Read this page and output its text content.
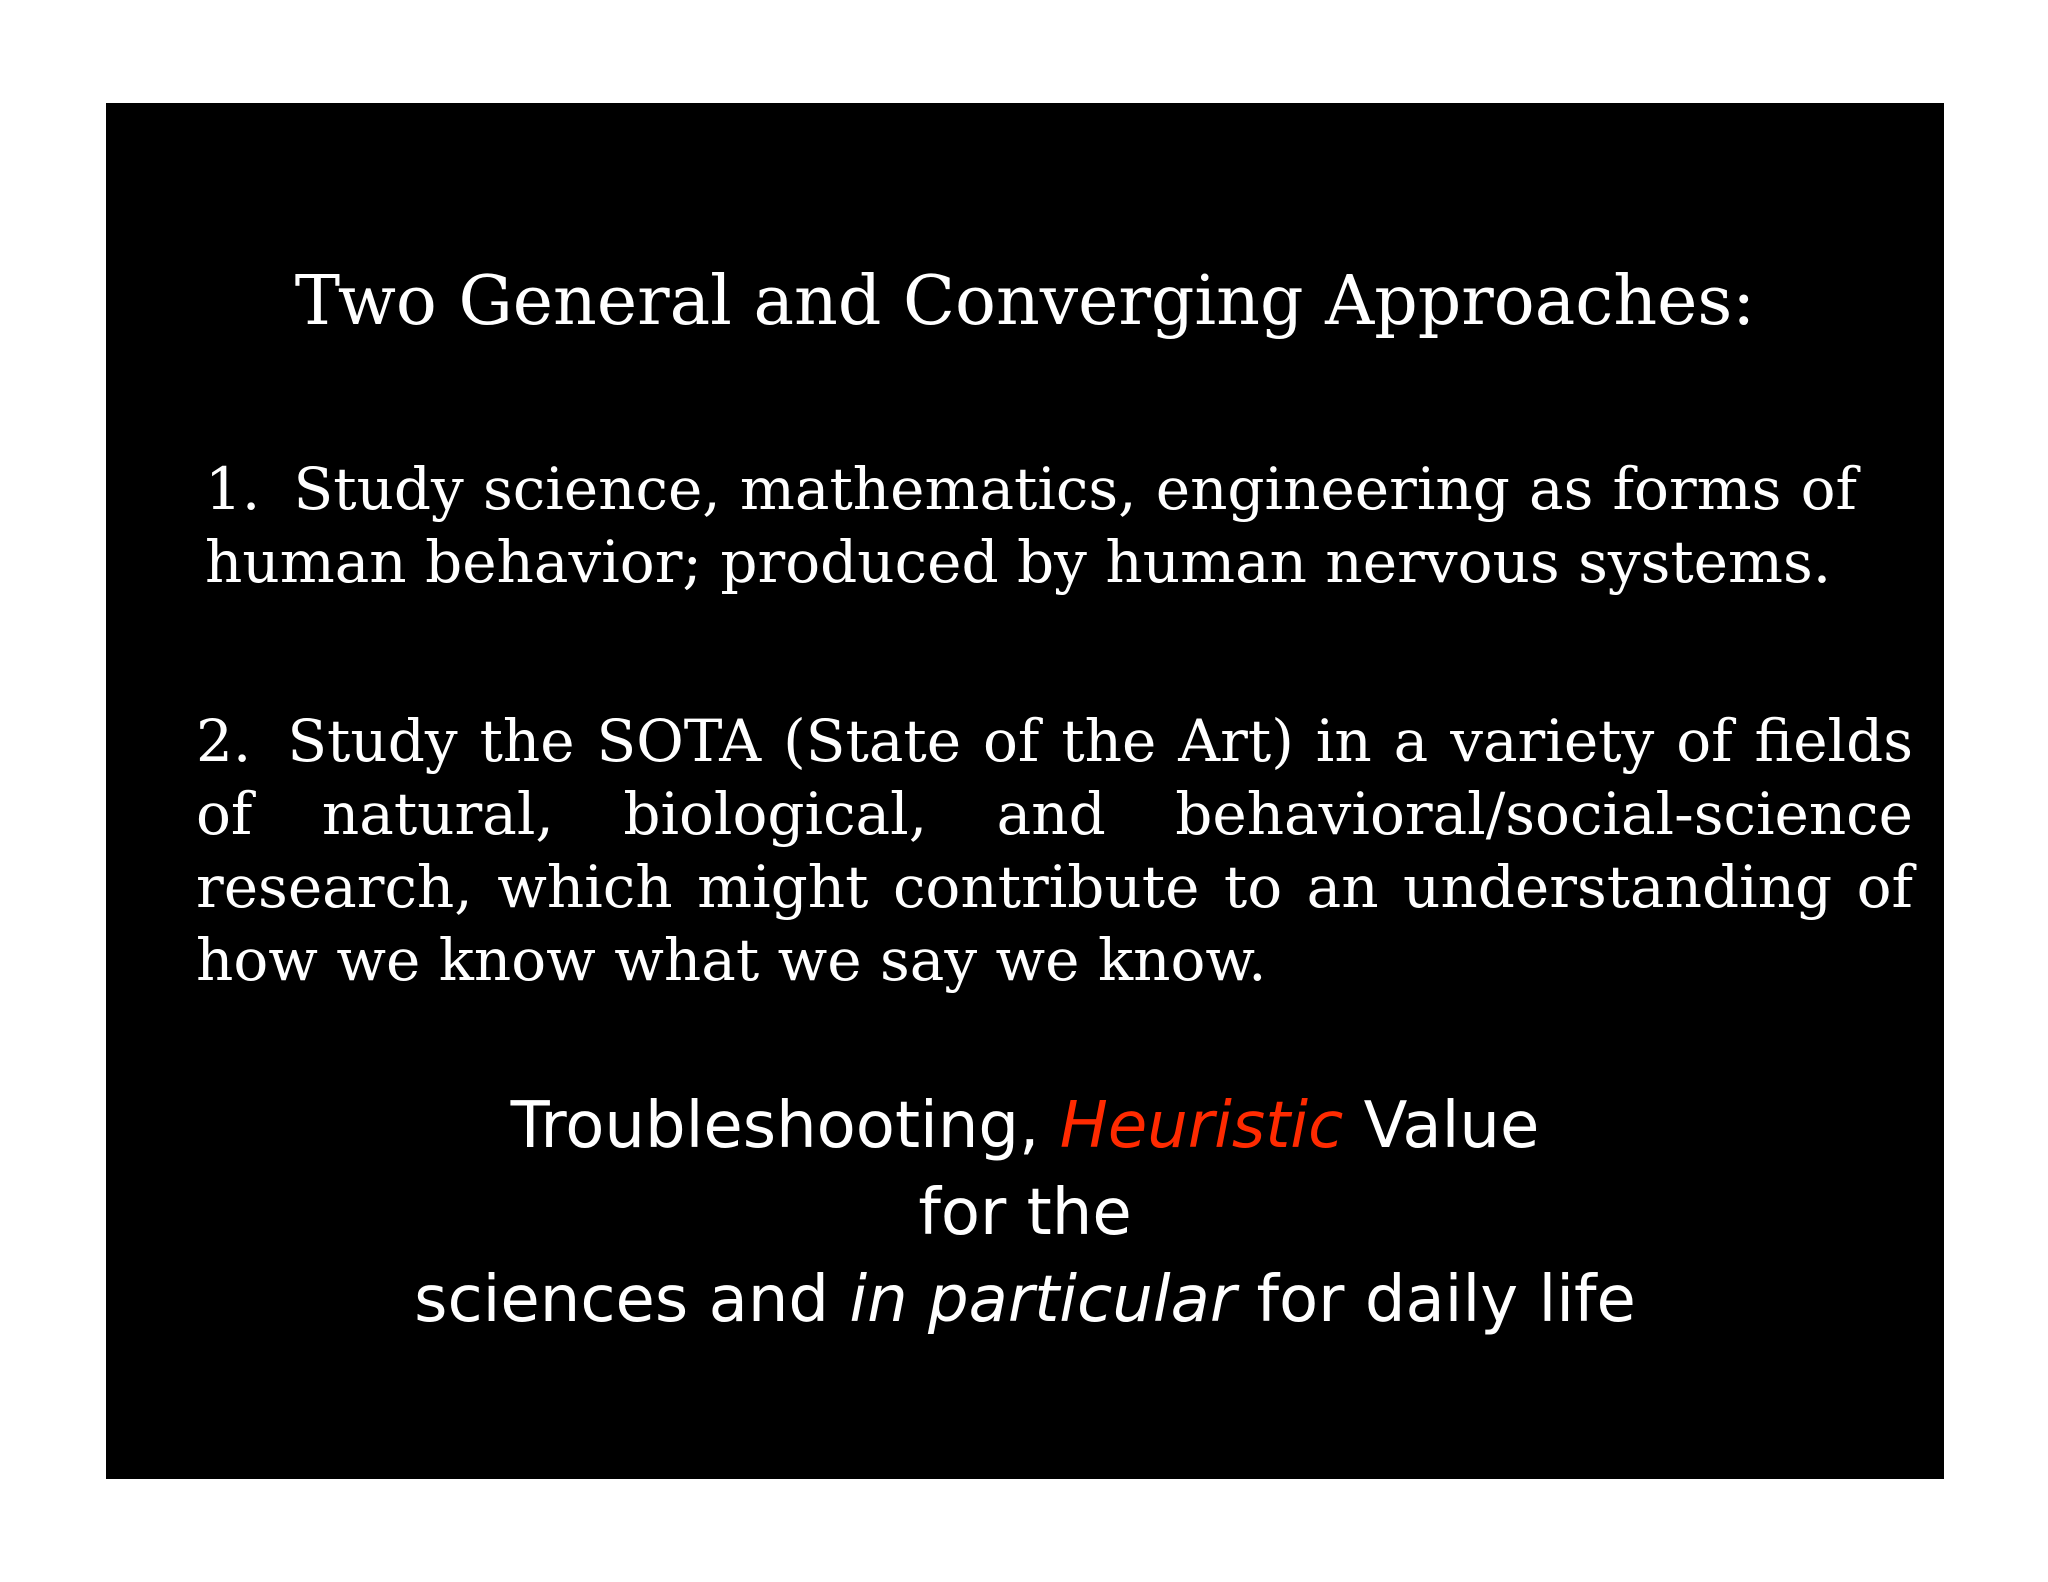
Two General and Converging Approaches:

1. Study science, mathematics, engineering as forms of human behavior; produced by human nervous systems.

2. Study the SOTA (State of the Art) in a variety of fields of natural, biological, and behavioral/social-science research, which might contribute to an understanding of how we know what we say we know.

Troubleshooting, Heuristic Value
for the
sciences and in particular for daily life
